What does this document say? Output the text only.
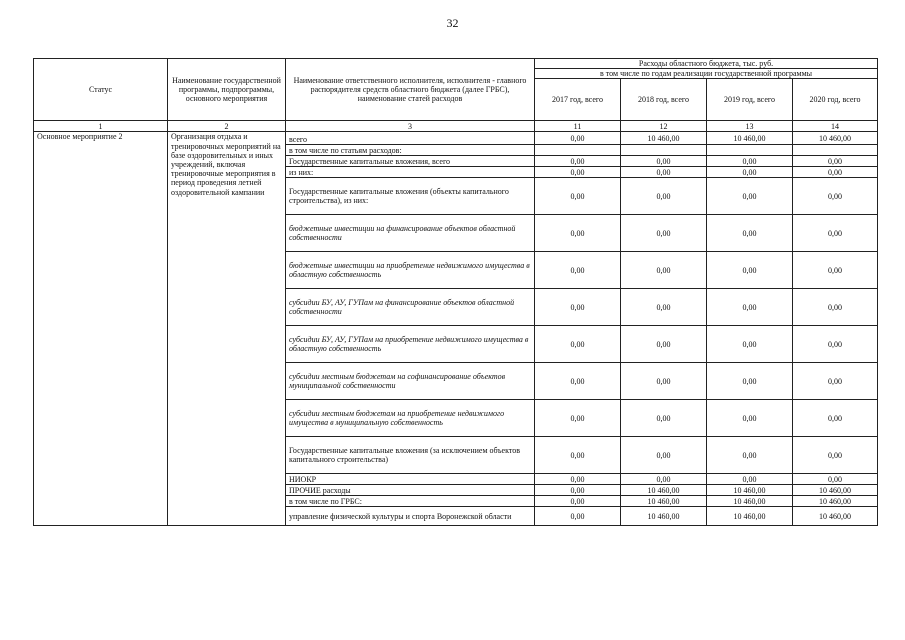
32
Статус	Наименование государственной программы, подпрограммы, основного мероприятия	Наименование ответственного исполнителя, исполнителя - главного распорядителя средств областного бюджета (далее ГРБС), наименование статей расходов	Расходы областного бюджета, тыс. руб.			
			в том числе по годам реализации государственной программы			
			2017 год, всего	2018 год, всего	2019 год, всего	2020 год, всего
1	2	3	11	12	13	14
Основное мероприятие 2	Организация отдыха и тренировочных мероприятий на базе оздоровительных и иных учреждений, включая тренировочные мероприятия в период проведения летней оздоровительной кампании	всего	0,00	10 460,00	10 460,00	10 460,00
		в том числе по статьям расходов:				
		Государственные капитальные вложения, всего	0,00	0,00	0,00	0,00
		из них:	0,00	0,00	0,00	0,00
		Государственные капитальные вложения (объекты капитального строительства), из них:	0,00	0,00	0,00	0,00
		бюджетные инвестиции на финансирование объектов областной собственности	0,00	0,00	0,00	0,00
		бюджетные инвестиции на приобретение недвижимого имущества в областную собственность	0,00	0,00	0,00	0,00
		субсидии БУ, АУ, ГУПам на финансирование объектов областной собственности	0,00	0,00	0,00	0,00
		субсидии БУ, АУ, ГУПам на приобретение недвижимого имущества в областную собственность	0,00	0,00	0,00	0,00
		субсидии местным бюджетам на софинансирование объектов муниципальной собственности	0,00	0,00	0,00	0,00
		субсидии местным бюджетам на приобретение недвижимого имущества в муниципальную собственность	0,00	0,00	0,00	0,00
		Государственные капитальные вложения (за исключением объектов капитального строительства)	0,00	0,00	0,00	0,00
		НИОКР	0,00	0,00	0,00	0,00
		ПРОЧИЕ расходы	0,00	10 460,00	10 460,00	10 460,00
		в том числе по ГРБС:	0,00	10 460,00	10 460,00	10 460,00
		управление физической культуры и спорта Воронежской области	0,00	10 460,00	10 460,00	10 460,00
